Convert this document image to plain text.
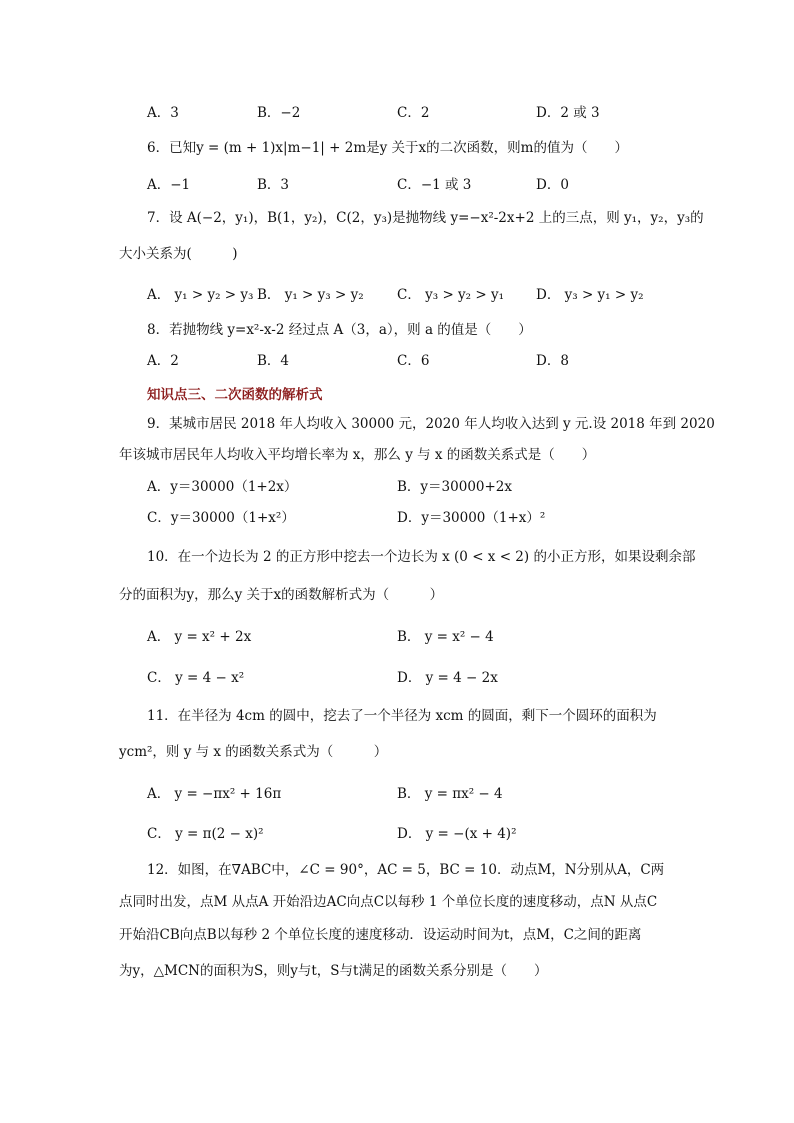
A．3	B．−2	C．2	D．2 或 3
6．已知y = (m + 1)x|m−1| + 2m是y 关于x的二次函数，则m的值为（　　）
A．−1	B．3	C．−1 或 3	D．0
7．设 A(−2，y₁)，B(1，y₂)，C(2，y₃)是抛物线 y=−x²-2x+2 上的三点，则 y₁，y₂，y₃的
大小关系为(　　　)
A． y₁ > y₂ > y₃ B． y₁ > y₃ > y₂ C． y₃ > y₂ > y₁ D． y₃ > y₁ > y₂
8．若抛物线 y=x²-x-2 经过点 A（3，a），则 a 的值是（　　）
A．2	B．4	C．6	D．8
知识点三、二次函数的解析式
9．某城市居民 2018 年人均收入 30000 元，2020 年人均收入达到 y 元.设 2018 年到 2020
年该城市居民年人均收入平均增长率为 x，那么 y 与 x 的函数关系式是（　　）
A．y＝30000（1+2x）	B．y＝30000+2x
C．y＝30000（1+x²）	D．y＝30000（1+x）²
10．在一个边长为 2 的正方形中挖去一个边长为 x (0 < x < 2) 的小正方形，如果设剩余部
分的面积为y，那么y 关于x的函数解析式为（　　　）
A． y = x² + 2x	B． y = x² − 4
C． y = 4 − x²	D． y = 4 − 2x
11．在半径为 4cm 的圆中，挖去了一个半径为 xcm 的圆面，剩下一个圆环的面积为
ycm²，则 y 与 x 的函数关系式为（　　　）
A． y = −πx² + 16π	B． y = πx² − 4
C． y = π(2 − x)²	D． y = −(x + 4)²
12．如图，在∇ABC中，∠C = 90°，AC = 5，BC = 10．动点M，N分别从A，C两
点同时出发，点M 从点A 开始沿边AC向点C以每秒 1 个单位长度的速度移动，点N 从点C
开始沿CB向点B以每秒 2 个单位长度的速度移动．设运动时间为t，点M，C之间的距离
为y，△MCN的面积为S，则y与t，S与t满足的函数关系分别是（　　）
